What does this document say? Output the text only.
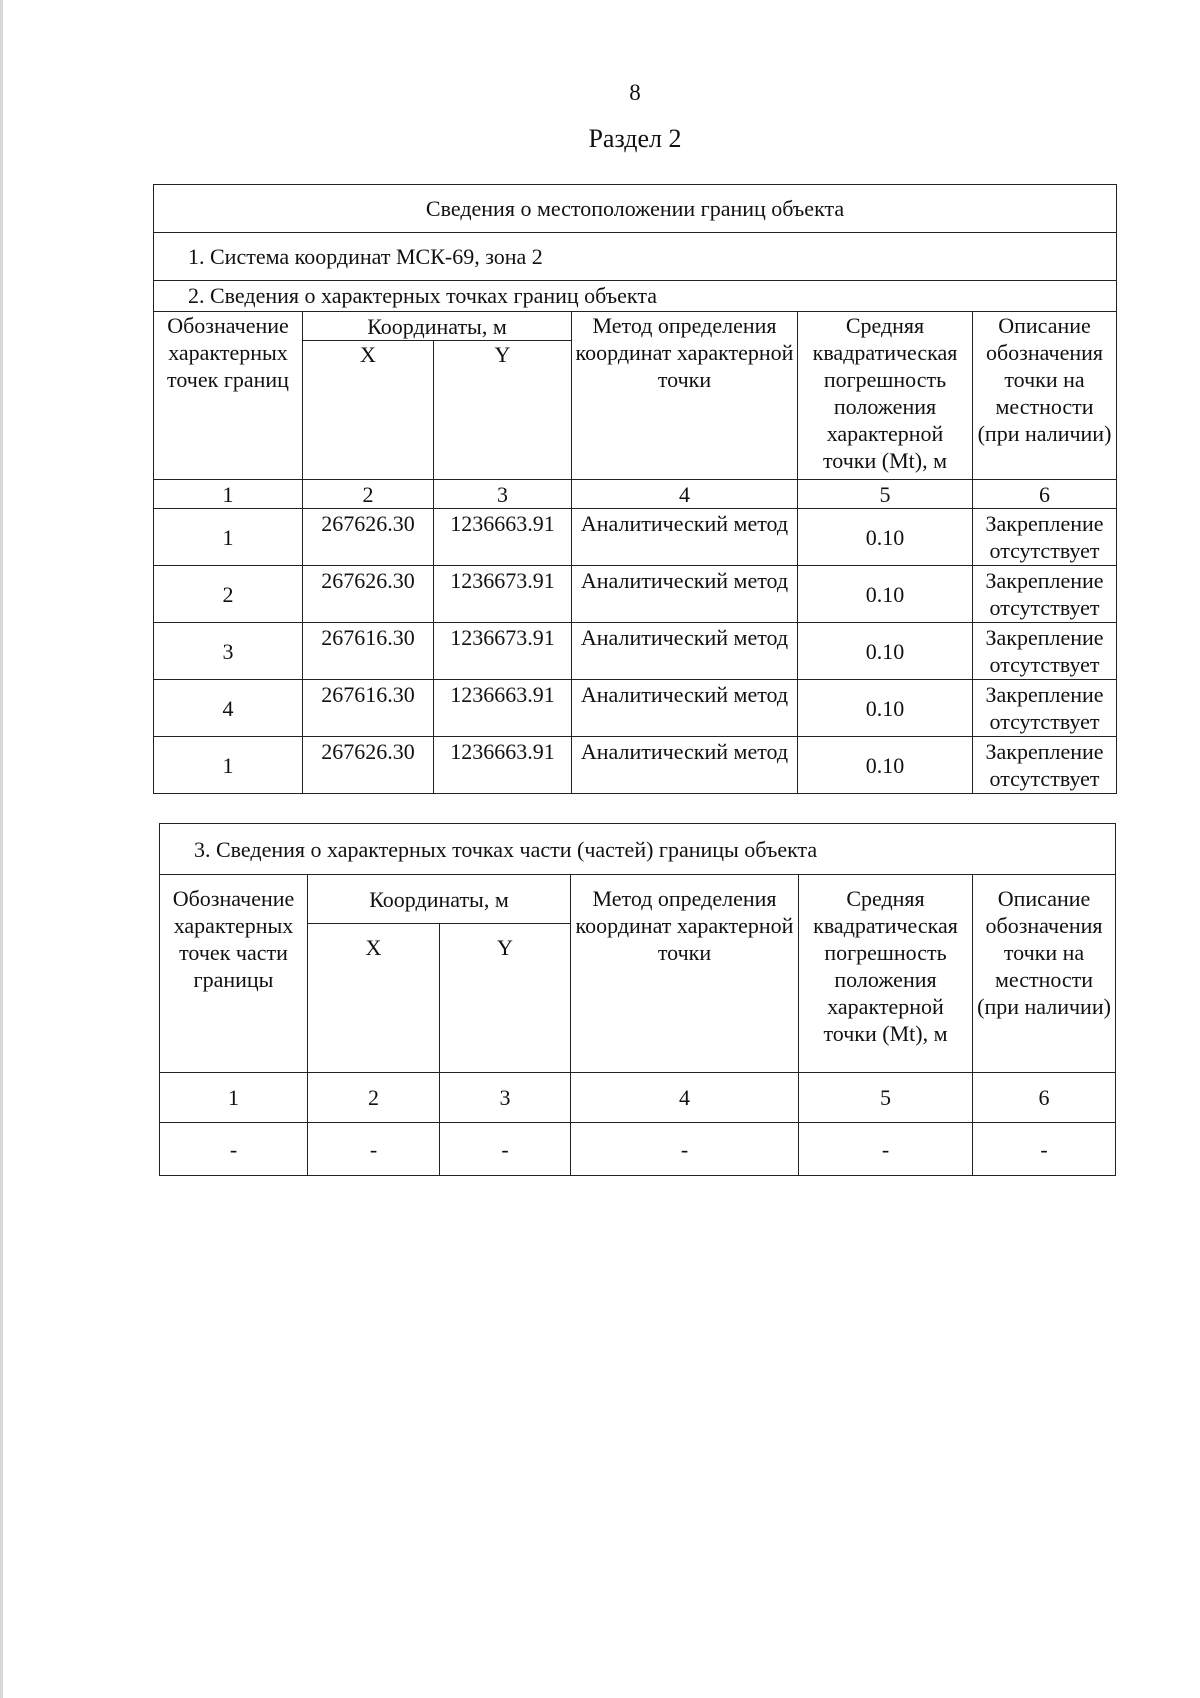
8
Раздел 2
Сведения о местоположении границ объекта					
1. Система координат МСК-69, зона 2					
2. Сведения о характерных точках границ объекта					
Обозначение характерных точек границ	Координаты, м		Метод определения координат характерной точки	Средняя квадратическая погрешность положения характерной точки (Mt), м	Описание обозначения точки на местности (при наличии)
	X	Y			
1	2	3	4	5	6
1	267626.30	1236663.91	Аналитический метод	0.10	Закрепление отсутствует
2	267626.30	1236673.91	Аналитический метод	0.10	Закрепление отсутствует
3	267616.30	1236673.91	Аналитический метод	0.10	Закрепление отсутствует
4	267616.30	1236663.91	Аналитический метод	0.10	Закрепление отсутствует
1	267626.30	1236663.91	Аналитический метод	0.10	Закрепление отсутствует
3. Сведения о характерных точках части (частей) границы объекта					
Обозначение характерных точек части границы	Координаты, м		Метод определения координат характерной точки	Средняя квадратическая погрешность положения характерной точки (Mt), м	Описание обозначения точки на местности (при наличии)
	X	Y			
1	2	3	4	5	6
-	-	-	-	-	-
